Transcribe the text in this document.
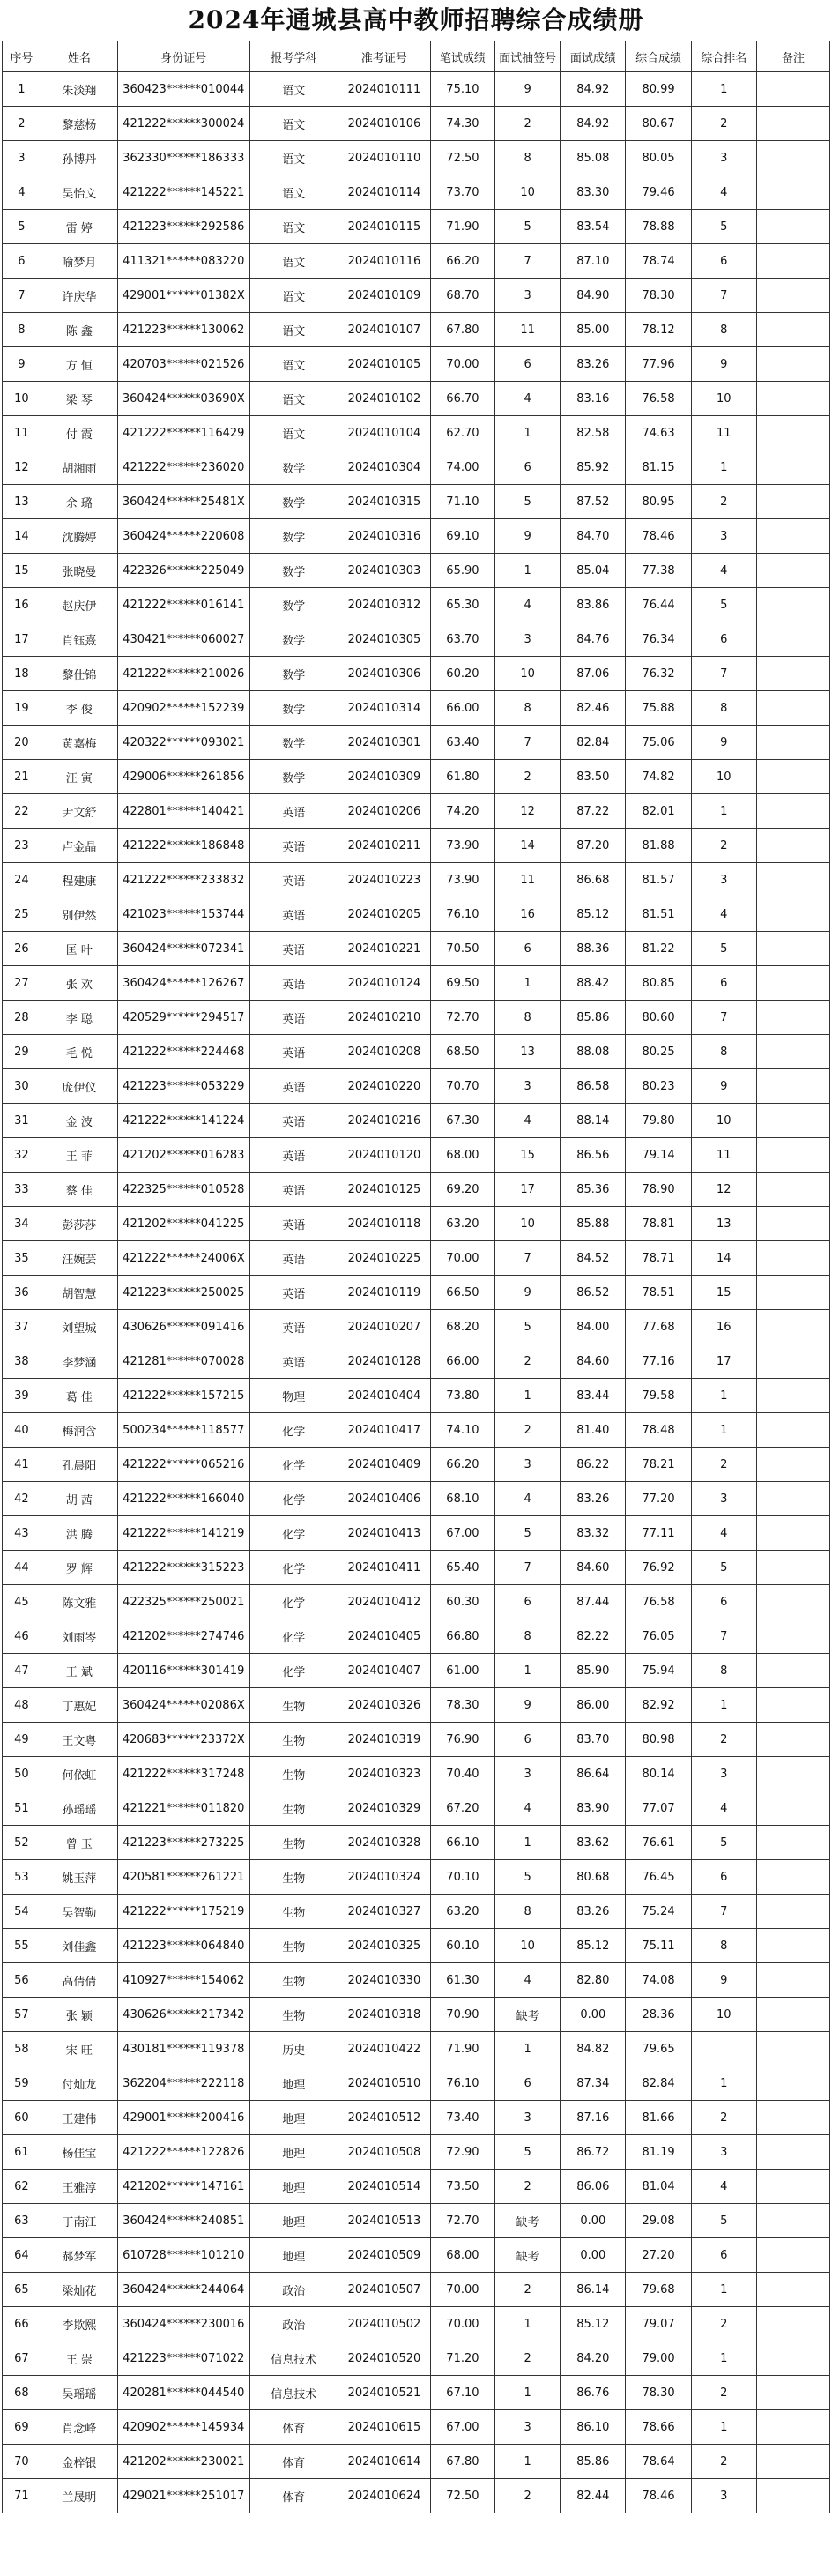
2024年通城县高中教师招聘综合成绩册
序号	姓名	身份证号	报考学科	准考证号	笔试成绩	面试抽签号	面试成绩	综合成绩	综合排名	备注
1	朱淡翔	360423******010044	语文	2024010111	75.10	9	84.92	80.99	1	
2	黎慈杨	421222******300024	语文	2024010106	74.30	2	84.92	80.67	2	
3	孙博丹	362330******186333	语文	2024010110	72.50	8	85.08	80.05	3	
4	吴怡文	421222******145221	语文	2024010114	73.70	10	83.30	79.46	4	
5	雷 婷	421223******292586	语文	2024010115	71.90	5	83.54	78.88	5	
6	喻梦月	411321******083220	语文	2024010116	66.20	7	87.10	78.74	6	
7	许庆华	429001******01382X	语文	2024010109	68.70	3	84.90	78.30	7	
8	陈 鑫	421223******130062	语文	2024010107	67.80	11	85.00	78.12	8	
9	方 恒	420703******021526	语文	2024010105	70.00	6	83.26	77.96	9	
10	梁 琴	360424******03690X	语文	2024010102	66.70	4	83.16	76.58	10	
11	付 霞	421222******116429	语文	2024010104	62.70	1	82.58	74.63	11	
12	胡湘雨	421222******236020	数学	2024010304	74.00	6	85.92	81.15	1	
13	余 璐	360424******25481X	数学	2024010315	71.10	5	87.52	80.95	2	
14	沈腾婷	360424******220608	数学	2024010316	69.10	9	84.70	78.46	3	
15	张晓曼	422326******225049	数学	2024010303	65.90	1	85.04	77.38	4	
16	赵庆伊	421222******016141	数学	2024010312	65.30	4	83.86	76.44	5	
17	肖钰熹	430421******060027	数学	2024010305	63.70	3	84.76	76.34	6	
18	黎仕锦	421222******210026	数学	2024010306	60.20	10	87.06	76.32	7	
19	李 俊	420902******152239	数学	2024010314	66.00	8	82.46	75.88	8	
20	黄嘉梅	420322******093021	数学	2024010301	63.40	7	82.84	75.06	9	
21	汪 寅	429006******261856	数学	2024010309	61.80	2	83.50	74.82	10	
22	尹文舒	422801******140421	英语	2024010206	74.20	12	87.22	82.01	1	
23	卢金晶	421222******186848	英语	2024010211	73.90	14	87.20	81.88	2	
24	程建康	421222******233832	英语	2024010223	73.90	11	86.68	81.57	3	
25	别伊然	421023******153744	英语	2024010205	76.10	16	85.12	81.51	4	
26	匡 叶	360424******072341	英语	2024010221	70.50	6	88.36	81.22	5	
27	张 欢	360424******126267	英语	2024010124	69.50	1	88.42	80.85	6	
28	李 聪	420529******294517	英语	2024010210	72.70	8	85.86	80.60	7	
29	毛 悦	421222******224468	英语	2024010208	68.50	13	88.08	80.25	8	
30	庞伊仪	421223******053229	英语	2024010220	70.70	3	86.58	80.23	9	
31	金 波	421222******141224	英语	2024010216	67.30	4	88.14	79.80	10	
32	王 菲	421202******016283	英语	2024010120	68.00	15	86.56	79.14	11	
33	蔡 佳	422325******010528	英语	2024010125	69.20	17	85.36	78.90	12	
34	彭莎莎	421202******041225	英语	2024010118	63.20	10	85.88	78.81	13	
35	汪婉芸	421222******24006X	英语	2024010225	70.00	7	84.52	78.71	14	
36	胡智慧	421223******250025	英语	2024010119	66.50	9	86.52	78.51	15	
37	刘望城	430626******091416	英语	2024010207	68.20	5	84.00	77.68	16	
38	李梦涵	421281******070028	英语	2024010128	66.00	2	84.60	77.16	17	
39	葛 佳	421222******157215	物理	2024010404	73.80	1	83.44	79.58	1	
40	梅润含	500234******118577	化学	2024010417	74.10	2	81.40	78.48	1	
41	孔晨阳	421222******065216	化学	2024010409	66.20	3	86.22	78.21	2	
42	胡 茜	421222******166040	化学	2024010406	68.10	4	83.26	77.20	3	
43	洪 腾	421222******141219	化学	2024010413	67.00	5	83.32	77.11	4	
44	罗 辉	421222******315223	化学	2024010411	65.40	7	84.60	76.92	5	
45	陈文雅	422325******250021	化学	2024010412	60.30	6	87.44	76.58	6	
46	刘雨岑	421202******274746	化学	2024010405	66.80	8	82.22	76.05	7	
47	王 斌	420116******301419	化学	2024010407	61.00	1	85.90	75.94	8	
48	丁惠妃	360424******02086X	生物	2024010326	78.30	9	86.00	82.92	1	
49	王文粤	420683******23372X	生物	2024010319	76.90	6	83.70	80.98	2	
50	何依虹	421222******317248	生物	2024010323	70.40	3	86.64	80.14	3	
51	孙瑶瑶	421221******011820	生物	2024010329	67.20	4	83.90	77.07	4	
52	曾 玉	421223******273225	生物	2024010328	66.10	1	83.62	76.61	5	
53	姚玉萍	420581******261221	生物	2024010324	70.10	5	80.68	76.45	6	
54	吴智勒	421222******175219	生物	2024010327	63.20	8	83.26	75.24	7	
55	刘佳鑫	421223******064840	生物	2024010325	60.10	10	85.12	75.11	8	
56	高倩倩	410927******154062	生物	2024010330	61.30	4	82.80	74.08	9	
57	张 颖	430626******217342	生物	2024010318	70.90	缺考	0.00	28.36	10	
58	宋 旺	430181******119378	历史	2024010422	71.90	1	84.82	79.65		
59	付灿龙	362204******222118	地理	2024010510	76.10	6	87.34	82.84	1	
60	王建伟	429001******200416	地理	2024010512	73.40	3	87.16	81.66	2	
61	杨佳宝	421222******122826	地理	2024010508	72.90	5	86.72	81.19	3	
62	王雅淳	421202******147161	地理	2024010514	73.50	2	86.06	81.04	4	
63	丁南江	360424******240851	地理	2024010513	72.70	缺考	0.00	29.08	5	
64	郝梦军	610728******101210	地理	2024010509	68.00	缺考	0.00	27.20	6	
65	梁灿花	360424******244064	政治	2024010507	70.00	2	86.14	79.68	1	
66	李欺熙	360424******230016	政治	2024010502	70.00	1	85.12	79.07	2	
67	王 崇	421223******071022	信息技术	2024010520	71.20	2	84.20	79.00	1	
68	吴瑶瑶	420281******044540	信息技术	2024010521	67.10	1	86.76	78.30	2	
69	肖念峰	420902******145934	体育	2024010615	67.00	3	86.10	78.66	1	
70	金梓银	421202******230021	体育	2024010614	67.80	1	85.86	78.64	2	
71	兰晟明	429021******251017	体育	2024010624	72.50	2	82.44	78.46	3	
